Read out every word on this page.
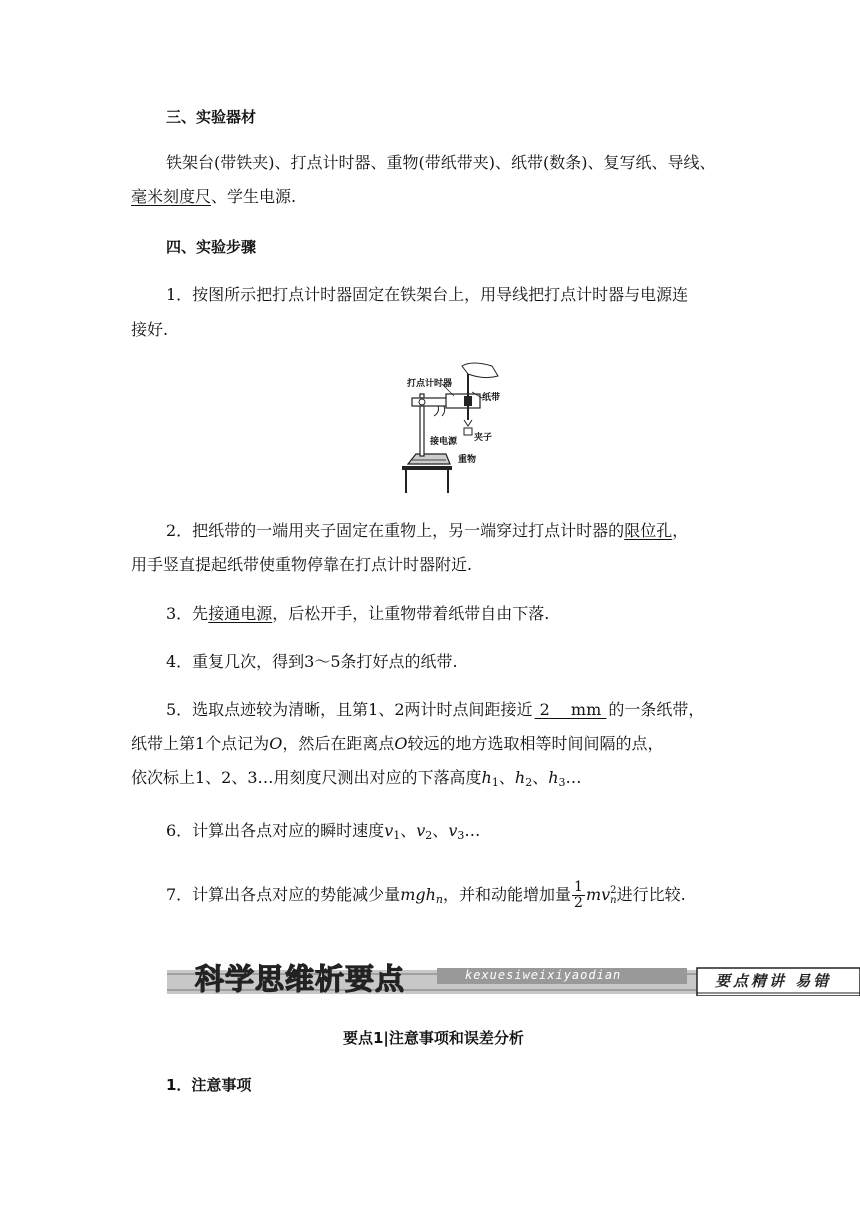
三、实验器材
铁架台(带铁夹)、打点计时器、重物(带纸带夹)、纸带(数条)、复写纸、导线、
毫米刻度尺、学生电源.
四、实验步骤
1．按图所示把打点计时器固定在铁架台上，用导线把打点计时器与电源连
接好.
打点计时器
纸带
接电源 夹子
重物
2．把纸带的一端用夹子固定在重物上，另一端穿过打点计时器的限位孔，
用手竖直提起纸带使重物停靠在打点计时器附近.
3．先接通电源，后松开手，让重物带着纸带自由下落.
4．重复几次，得到3～5条打好点的纸带.
5．选取点迹较为清晰，且第1、2两计时点间距接近 2 　mm 的一条纸带，
纸带上第1个点记为O，然后在距离点O较远的地方选取相等时间间隔的点，
依次标上1、2、3…用刻度尺测出对应的下落高度$h_1$、$h_2$、$h_3\dots$
6．计算出各点对应的瞬时速度$v_1$、$v_2$、$v_3\dots$
7．计算出各点对应的势能减少量mgh$_n$，并和动能增加量 $\frac{1}{2}$ mv 2
n 进行比较.
科学思维析要点	kexuesiweixiyaodian	要点精讲 易错
要点1|注意事项和误差分析
1．注意事项
